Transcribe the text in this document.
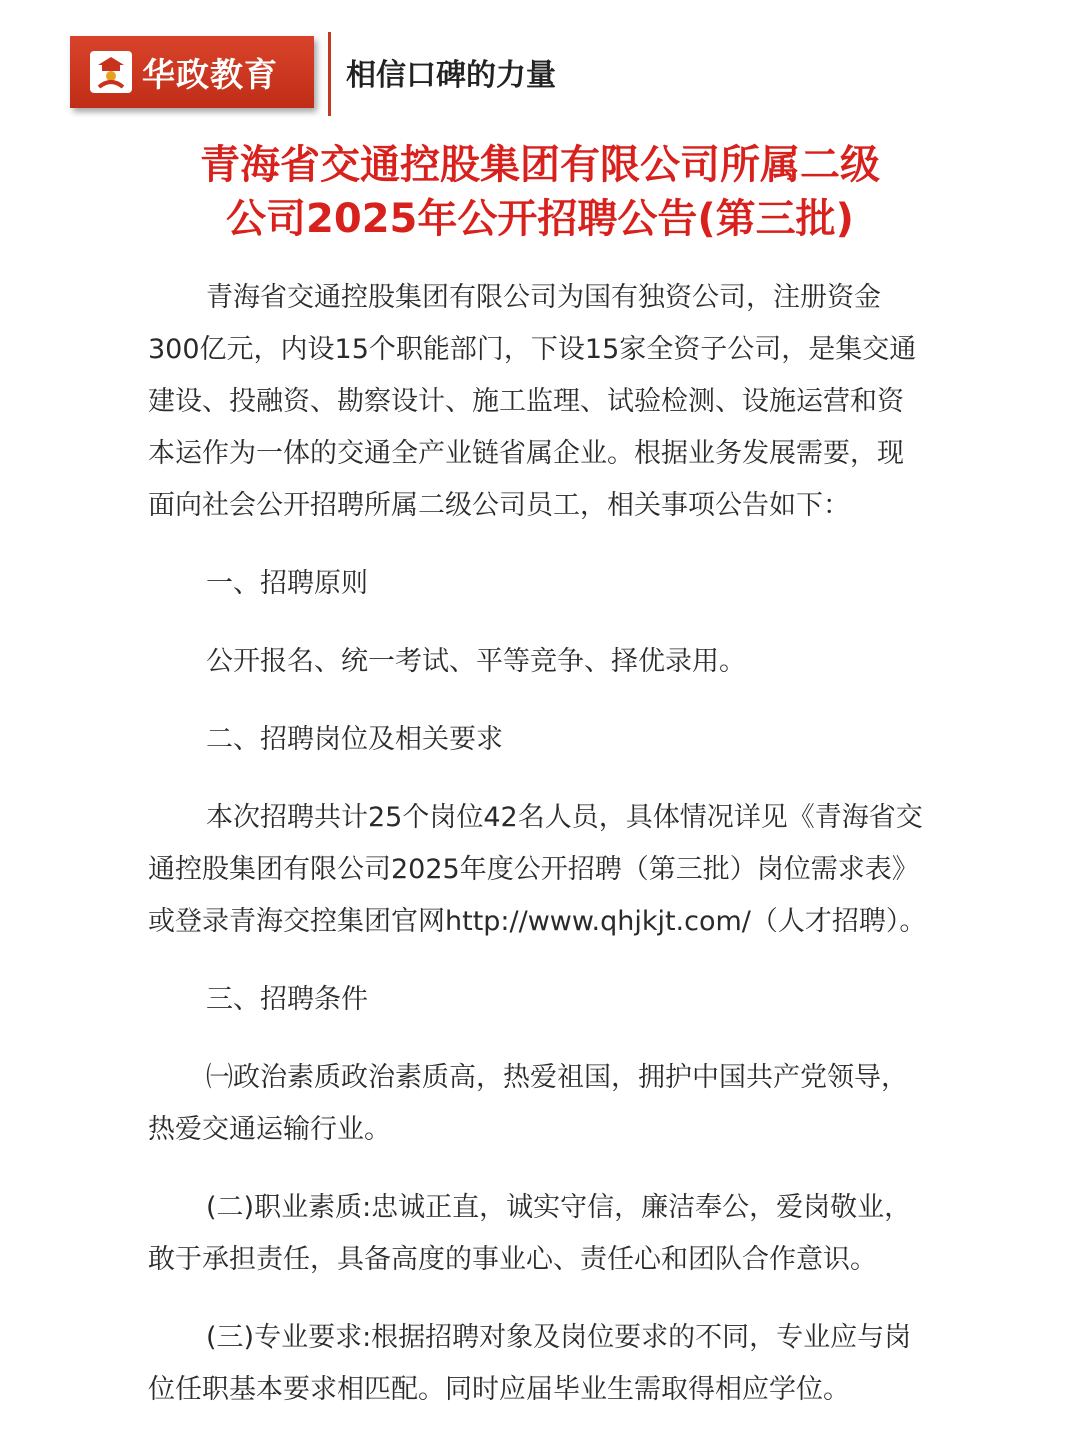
华政教育 相信口碑的力量
青海省交通控股集团有限公司所属二级
公司2025年公开招聘公告(第三批)
青海省交通控股集团有限公司为国有独资公司，注册资金
300亿元，内设15个职能部门，下设15家全资子公司，是集交通
建设、投融资、勘察设计、施工监理、试验检测、设施运营和资
本运作为一体的交通全产业链省属企业。根据业务发展需要，现
面向社会公开招聘所属二级公司员工，相关事项公告如下：
一、招聘原则
公开报名、统一考试、平等竞争、择优录用。
二、招聘岗位及相关要求
本次招聘共计25个岗位42名人员，具体情况详见《青海省交
通控股集团有限公司2025年度公开招聘（第三批）岗位需求表》
或登录青海交控集团官网http://www.qhjkjt.com/（人才招聘）。
三、招聘条件
㈠政治素质政治素质高，热爱祖国，拥护中国共产党领导，
热爱交通运输行业。
(二)职业素质:忠诚正直，诚实守信，廉洁奉公，爱岗敬业，
敢于承担责任，具备高度的事业心、责任心和团队合作意识。
(三)专业要求:根据招聘对象及岗位要求的不同，专业应与岗
位任职基本要求相匹配。同时应届毕业生需取得相应学位。
